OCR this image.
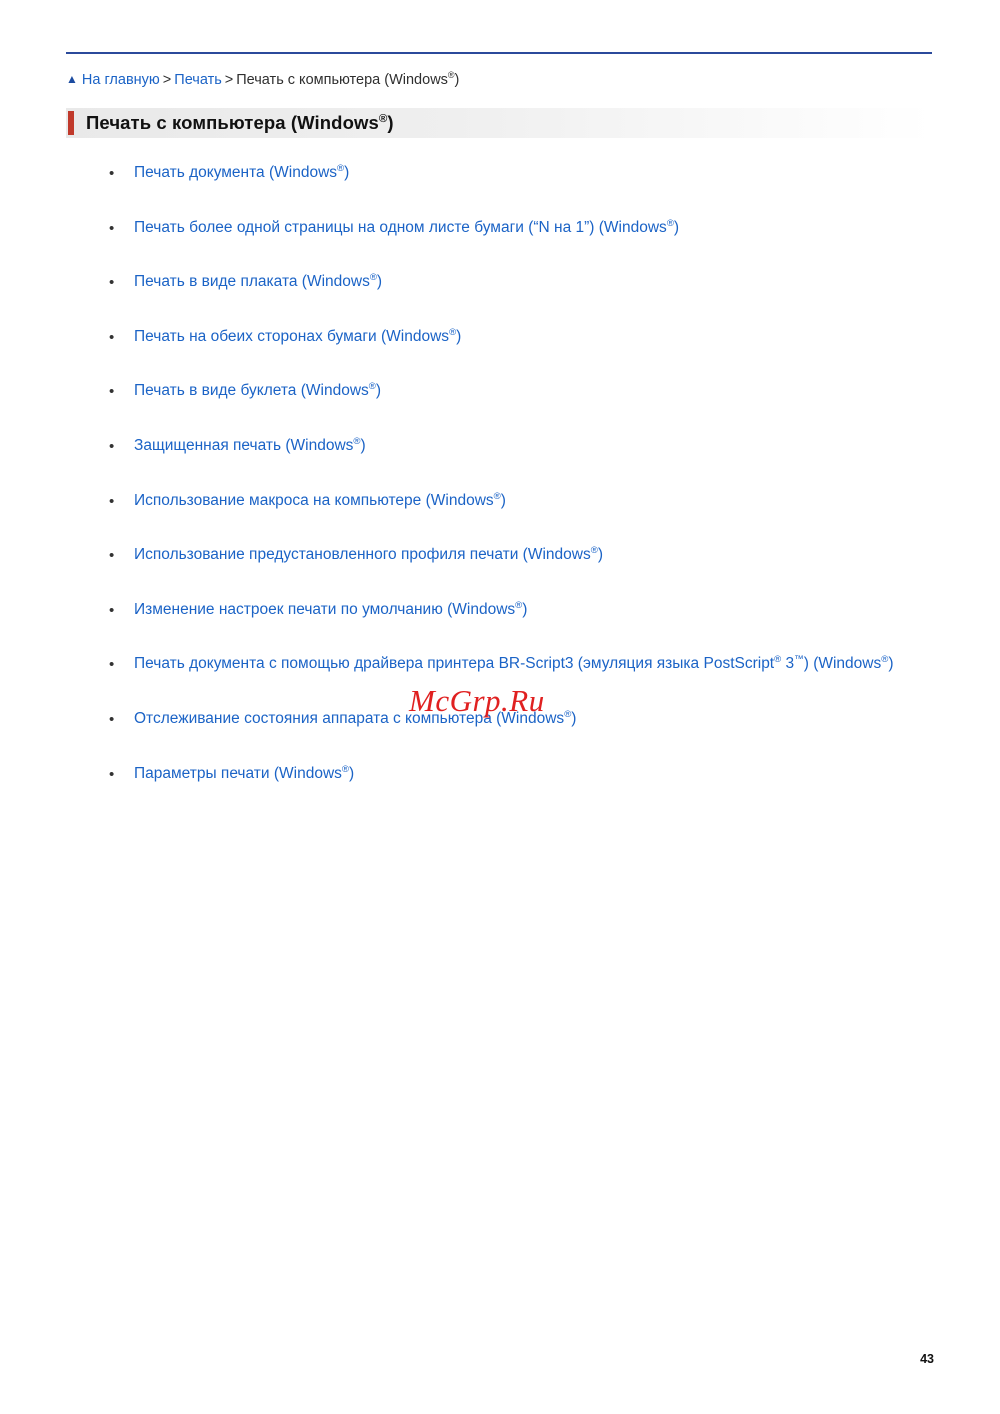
▲ На главную > Печать > Печать с компьютера (Windows®)
Печать с компьютера (Windows®)
• Печать документа (Windows®)
• Печать более одной страницы на одном листе бумаги (“N на 1”) (Windows®)
• Печать в виде плаката (Windows®)
• Печать на обеих сторонах бумаги (Windows®)
• Печать в виде буклета (Windows®)
• Защищенная печать (Windows®)
• Использование макроса на компьютере (Windows®)
• Использование предустановленного профиля печати (Windows®)
• Изменение настроек печати по умолчанию (Windows®)
• Печать документа с помощью драйвера принтера BR-Script3 (эмуляция языка PostScript® 3™) (Windows®)
• Отслеживание состояния аппарата с компьютера (Windows®)
• Параметры печати (Windows®)
McGrp.Ru
43
